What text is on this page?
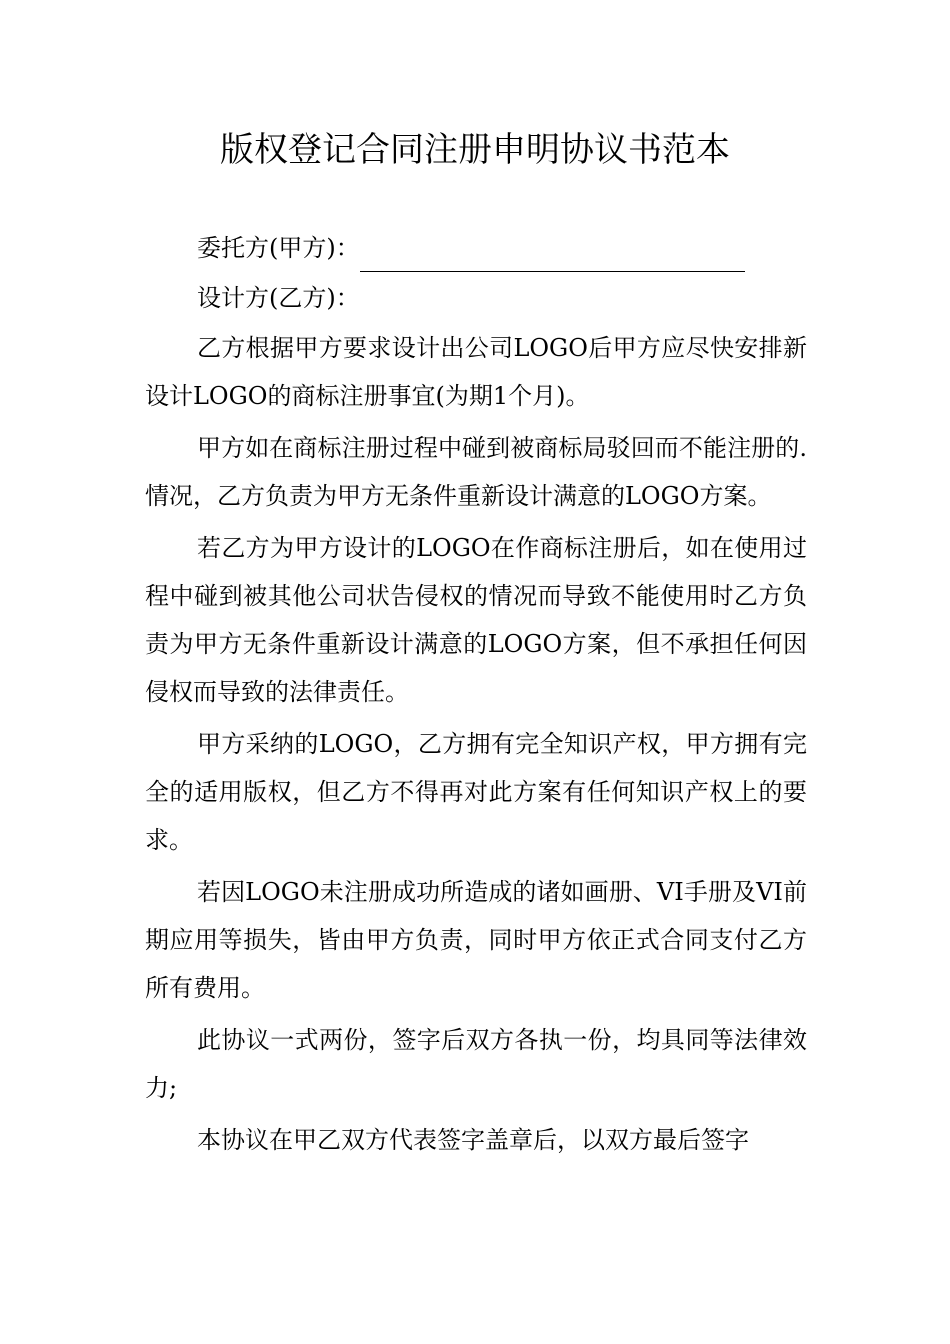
版权登记合同注册申明协议书范本
委托方(甲方)：
设计方(乙方)：

乙方根据甲方要求设计出公司LOGO后甲方应尽快安排新设计LOGO的商标注册事宜(为期1个月)。

甲方如在商标注册过程中碰到被商标局驳回而不能注册的.情况，乙方负责为甲方无条件重新设计满意的LOGO方案。

若乙方为甲方设计的LOGO在作商标注册后，如在使用过程中碰到被其他公司状告侵权的情况而导致不能使用时乙方负责为甲方无条件重新设计满意的LOGO方案，但不承担任何因侵权而导致的法律责任。

甲方采纳的LOGO，乙方拥有完全知识产权，甲方拥有完全的适用版权，但乙方不得再对此方案有任何知识产权上的要求。

若因LOGO未注册成功所造成的诸如画册、VI手册及VI前期应用等损失，皆由甲方负责，同时甲方依正式合同支付乙方所有费用。

此协议一式两份，签字后双方各执一份，均具同等法律效力;

本协议在甲乙双方代表签字盖章后，以双方最后签字
